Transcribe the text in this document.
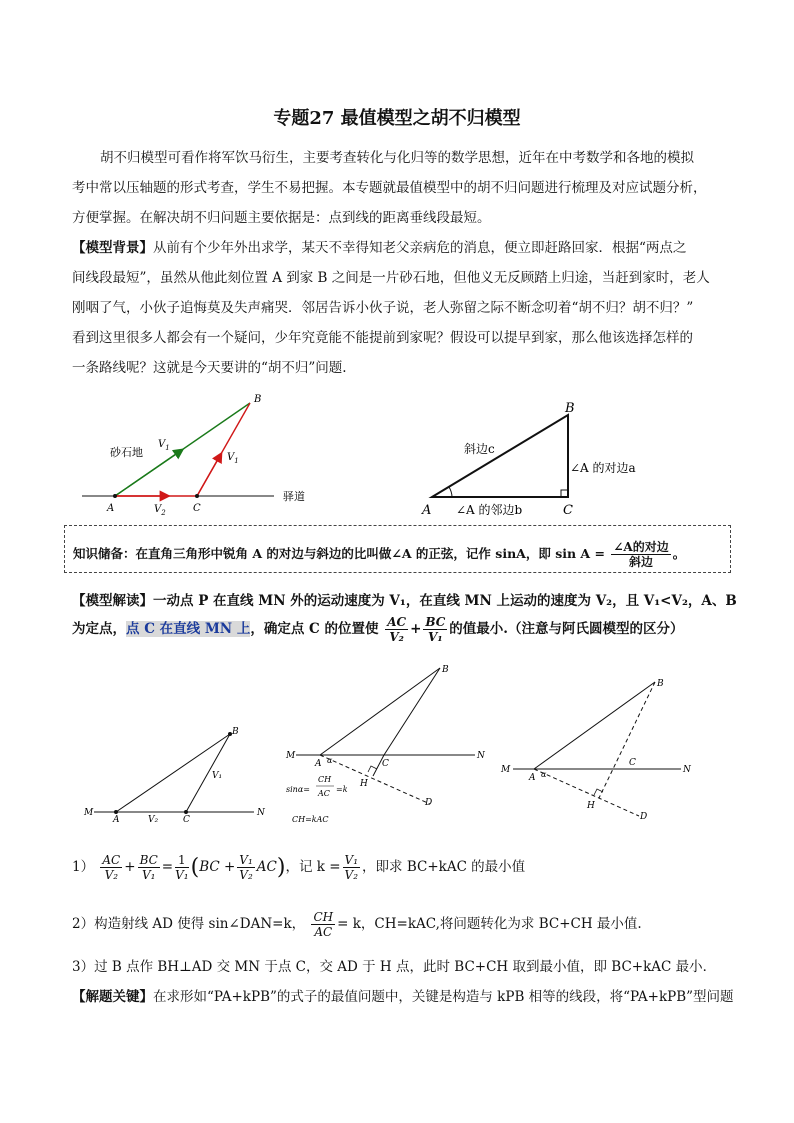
专题27 最值模型之胡不归模型
胡不归模型可看作将军饮马衍生，主要考查转化与化归等的数学思想，近年在中考数学和各地的模拟
考中常以压轴题的形式考查，学生不易把握。本专题就最值模型中的胡不归问题进行梳理及对应试题分析，
方便掌握。在解决胡不归问题主要依据是：点到线的距离垂线段最短。
【模型背景】从前有个少年外出求学，某天不幸得知老父亲病危的消息，便立即赶路回家．根据“两点之
间线段最短”，虽然从他此刻位置 A 到家 B 之间是一片砂石地，但他义无反顾踏上归途，当赶到家时，老人
刚咽了气，小伙子追悔莫及失声痛哭．邻居告诉小伙子说，老人弥留之际不断念叨着“胡不归？胡不归？”
看到这里很多人都会有一个疑问，少年究竟能不能提前到家呢？假设可以提早到家，那么他该选择怎样的
一条路线呢？这就是今天要讲的“胡不归”问题.
砂石地
驿道
B
A	C
$V_1$
$V_1$
$V_2$	A
B
C
斜边c
∠A 的对边a
∠A 的邻边b
知识储备：在直角三角形中锐角 A 的对边与斜边的比叫做∠A 的正弦，记作 sinA，即 $\sin A = \frac{\text{∠A的对边}}{\text{斜边}}$ 。
【模型解读】一动点 P 在直线 MN 外的运动速度为 V₁，在直线 MN 上运动的速度为 V₂，且 V₁<V₂，A、B
为定点，点 C 在直线 MN 上，确定点 C 的位置使 $\frac{AC}{\text{V₂}} + \frac{BC}{\text{V₁}}$ 的值最小.（注意与阿氏圆模型的区分）
M	N
A	C
B
V₁
V₂
M	N
A α	C
B
H
D
sinα=
CH
AC =k
CH=kAC
M	N
A α
C
B
H
D
$1) \frac{AC}{\text{V₂}} + \frac{BC}{\text{V₁}} = \frac{1}{\text{V₁}} (BC + \frac{\text{V₁}}{\text{V₂}} AC)$，记 $k = \frac{\text{V₁}}{\text{V₂}}$ ，即求 BC+kAC 的最小值
2）构造射线 AD 使得 sin∠DAN=k， $\frac{CH}{AC} = k$，CH=kAC,将问题转化为求 BC+CH 最小值.
3）过 B 点作 BH⊥AD 交 MN 于点 C，交 AD 于 H 点，此时 BC+CH 取到最小值，即 BC+kAC 最小．
【解题关键】在求形如“PA+kPB”的式子的最值问题中，关键是构造与 kPB 相等的线段，将“PA+kPB”型问题
